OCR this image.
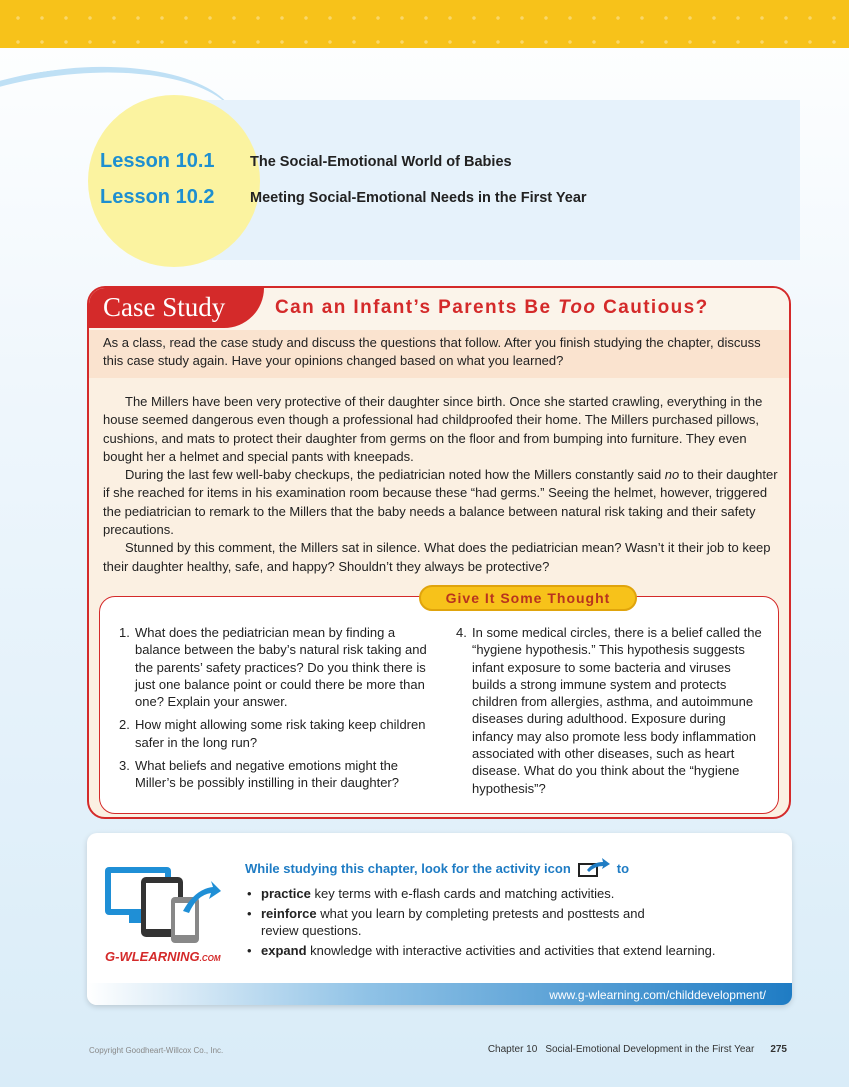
Lesson 10.1	The Social-Emotional World of Babies
Lesson 10.2	Meeting Social-Emotional Needs in the First Year
Case Study	Can an Infant’s Parents Be Too Cautious?
As a class, read the case study and discuss the questions that follow. After you finish studying the chapter, discuss this case study again. Have your opinions changed based on what you learned?

The Millers have been very protective of their daughter since birth. Once she started crawling, everything in the house seemed dangerous even though a professional had childproofed their home. The Millers purchased pillows, cushions, and mats to protect their daughter from germs on the floor and from bumping into furniture. They even bought her a helmet and special pants with kneepads.

During the last few well-baby checkups, the pediatrician noted how the Millers constantly said no to their daughter if she reached for items in his examination room because these “had germs.” Seeing the helmet, however, triggered the pediatrician to remark to the Millers that the baby needs a balance between natural risk taking and their safety precautions.

Stunned by this comment, the Millers sat in silence. What does the pediatrician mean? Wasn’t it their job to keep their daughter healthy, safe, and happy? Shouldn’t they always be protective?

1. What does the pediatrician mean by finding a balance between the baby’s natural risk taking and the parents’ safety practices? Do you think there is just one balance point or could there be more than one? Explain your answer.
2. How might allowing some risk taking keep children safer in the long run?
3. What beliefs and negative emotions might the Miller’s be possibly instilling in their daughter?
4. In some medical circles, there is a belief called the “hygiene hypothesis.” This hypothesis suggests infant exposure to some bacteria and viruses builds a strong immune system and protects children from allergies, asthma, and autoimmune diseases during adulthood. Exposure during infancy may also promote less body inflammation associated with other diseases, such as heart disease. What do you think about the “hygiene hypothesis”?
Give It Some Thought
G-WLEARNING.COM
While studying this chapter, look for the activity icon	to
• practice key terms with e-flash cards and matching activities.
• reinforce what you learn by completing pretests and posttests and review questions.
• expand knowledge with interactive activities and activities that extend learning.
www.g-wlearning.com/childdevelopment/
Copyright Goodheart-Willcox Co., Inc.	Chapter 10 Social-Emotional Development in the First Year 275
